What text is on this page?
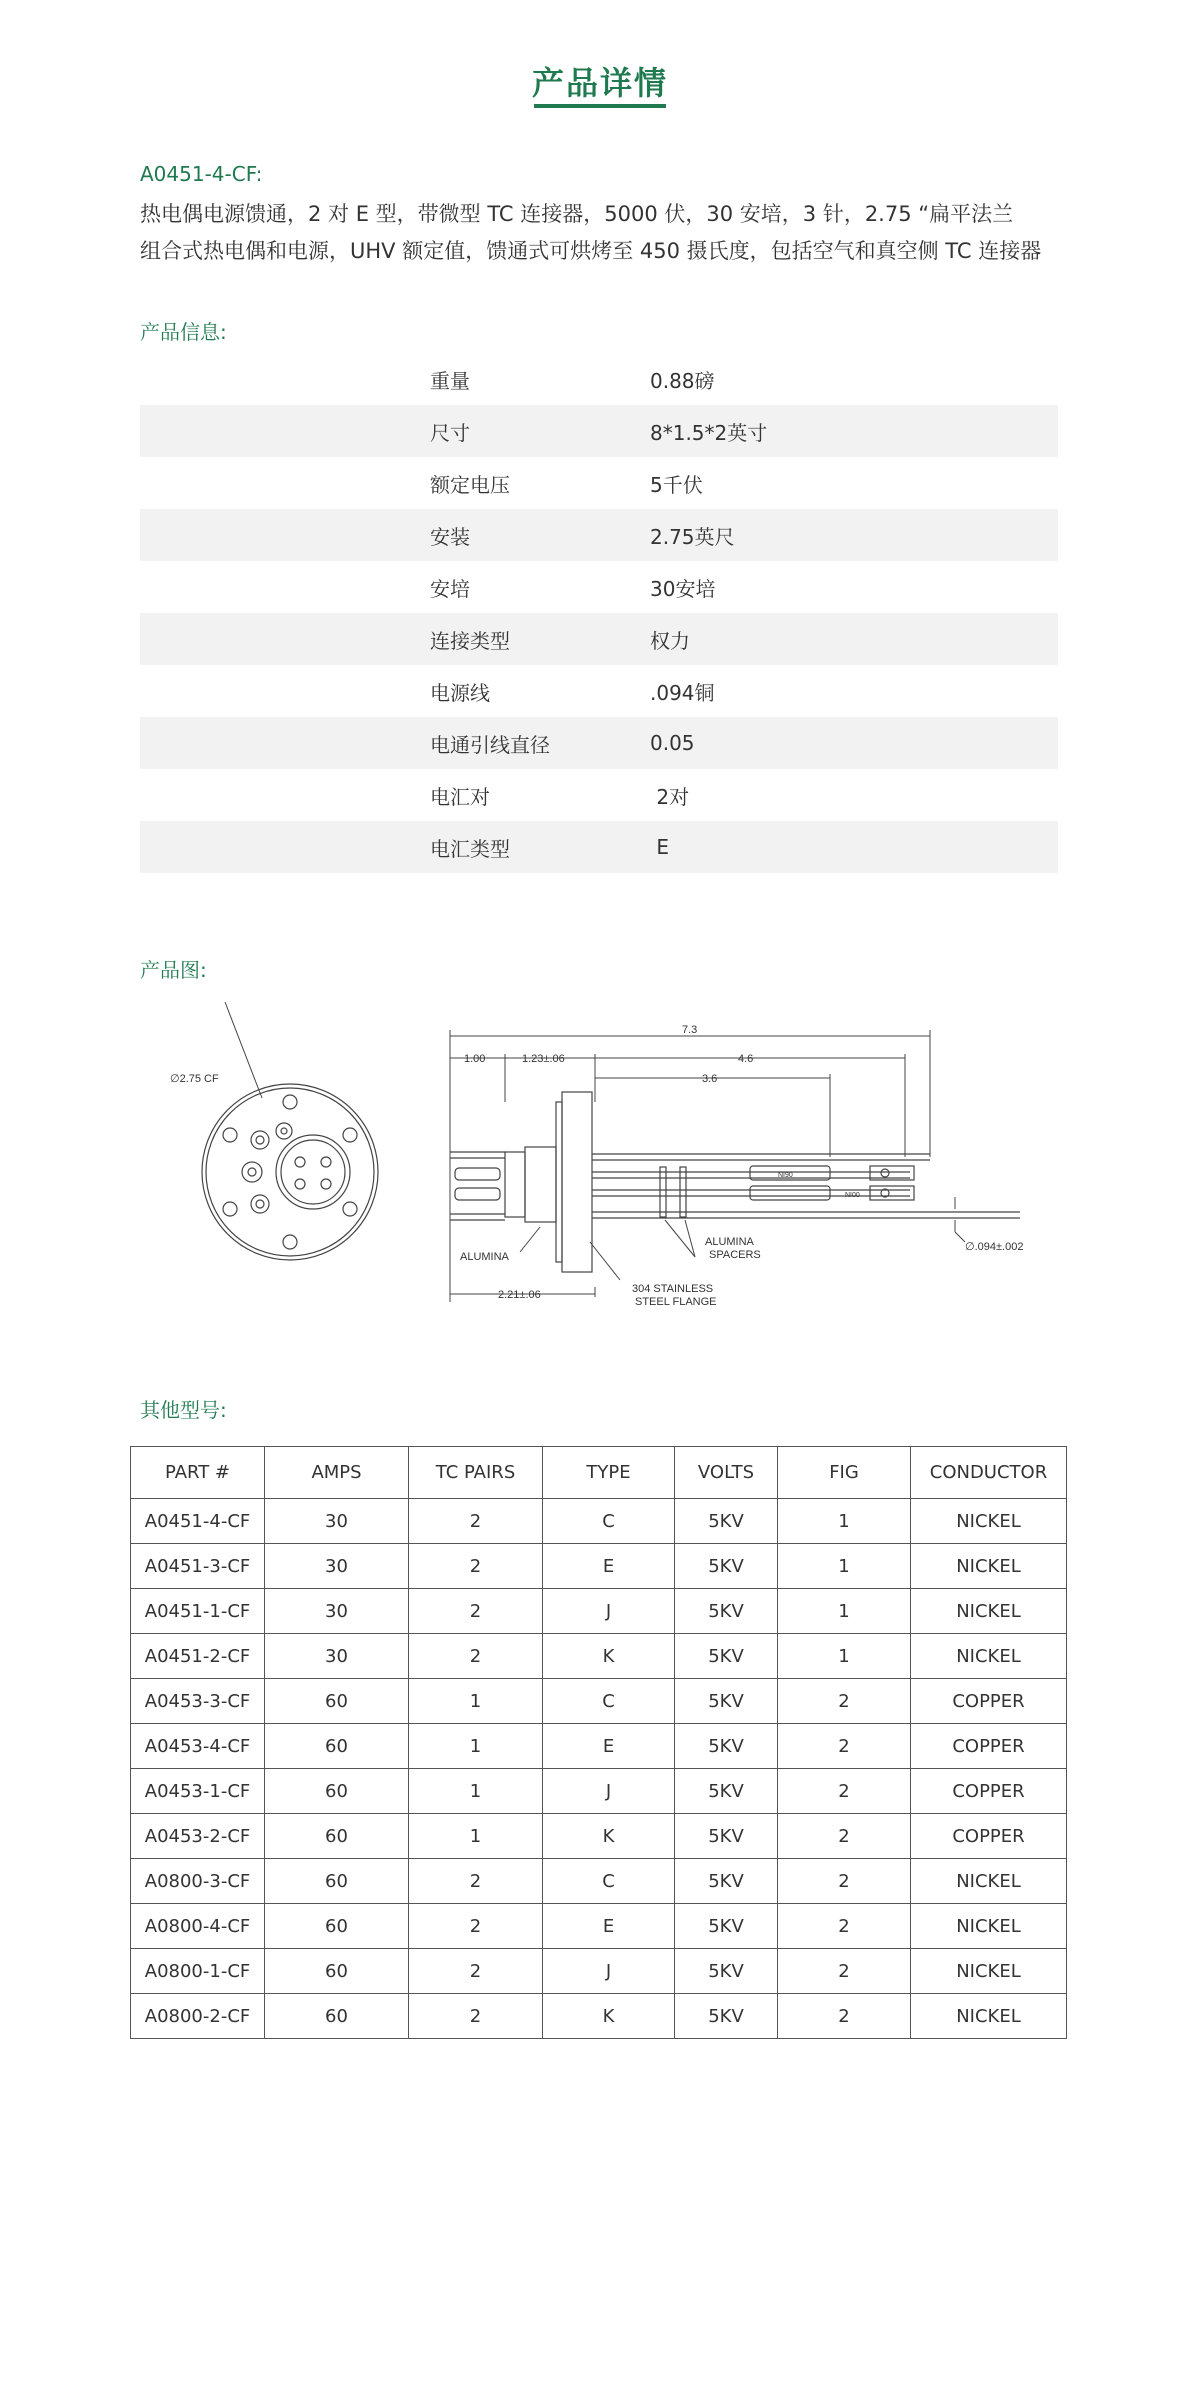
产品详情
A0451-4-CF:

热电偶电源馈通，2 对 E 型，带微型 TC 连接器，5000 伏，30 安培，3 针，2.75 “扁平法兰

组合式热电偶和电源，UHV 额定值，馈通式可烘烤至 450 摄氏度，包括空气和真空侧 TC 连接器

产品信息:
	重量	0.88磅
	尺寸	8*1.5*2英寸
	额定电压	5千伏
	安装	2.75英尺
	安培	30安培
	连接类型	权力
	电源线	.094铜
	电通引线直径	0.05
	电汇对	2对
	电汇类型	E
产品图:
∅2.75 CF
7.3
1.00	1.23±.06	4.6
3.6
2.21±.06
NI90
NI00
ALUMINA
ALUMINA
SPACERS
304 STAINLESS
STEEL FLANGE
∅.094±.002
其他型号:
PART #	AMPS	TC PAIRS	TYPE	VOLTS	FIG	CONDUCTOR
A0451-4-CF	30	2	C	5KV	1	NICKEL
A0451-3-CF	30	2	E	5KV	1	NICKEL
A0451-1-CF	30	2	J	5KV	1	NICKEL
A0451-2-CF	30	2	K	5KV	1	NICKEL
A0453-3-CF	60	1	C	5KV	2	COPPER
A0453-4-CF	60	1	E	5KV	2	COPPER
A0453-1-CF	60	1	J	5KV	2	COPPER
A0453-2-CF	60	1	K	5KV	2	COPPER
A0800-3-CF	60	2	C	5KV	2	NICKEL
A0800-4-CF	60	2	E	5KV	2	NICKEL
A0800-1-CF	60	2	J	5KV	2	NICKEL
A0800-2-CF	60	2	K	5KV	2	NICKEL
